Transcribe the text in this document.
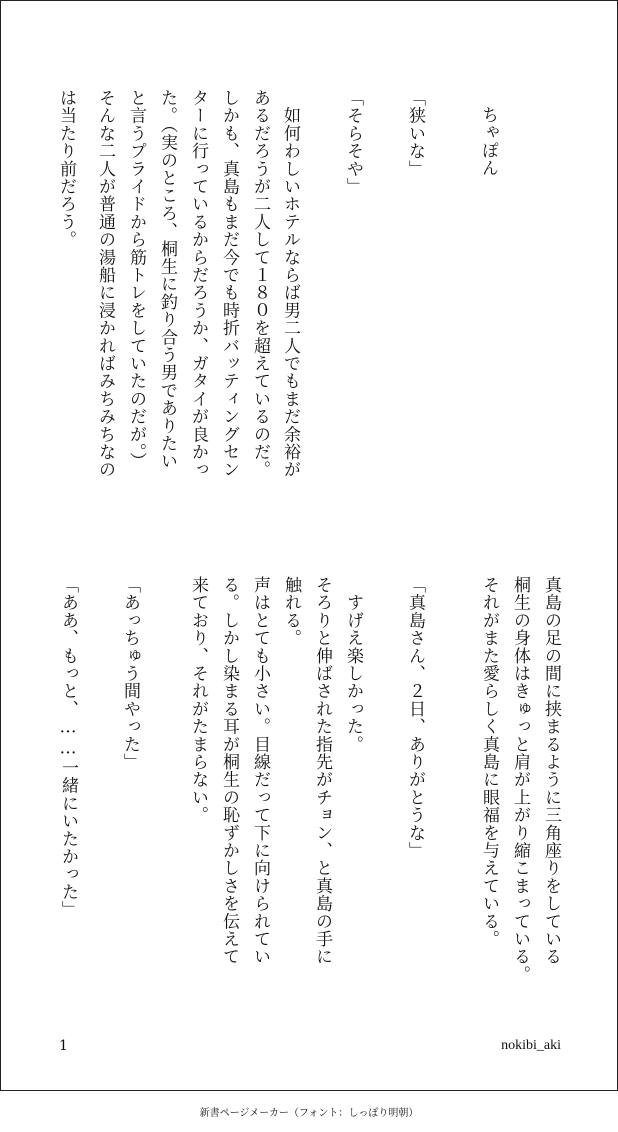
ちゃぽん
「狭いな」
「そらそや」
　如何わしいホテルならば男二人でもまだ余裕が
あるだろうが二人して１８０を超えているのだ。
しかも、真島もまだ今でも時折バッティングセン
ターに行っているからだろうか、ガタイが良かっ
た。（実のところ、桐生に釣り合う男でありたい
と言うプライドから筋トレをしていたのだが。）
そんな二人が普通の湯船に浸かればみちみちなの
は当たり前だろう。
真島の足の間に挟まるように三角座りをしている
桐生の身体はきゅっと肩が上がり縮こまっている。
それがまた愛らしく真島に眼福を与えている。
「真島さん、２日、ありがとうな」
　すげえ楽しかった。
そろりと伸ばされた指先がチョン、と真島の手に
触れる。
声はとても小さい。目線だって下に向けられてい
る。しかし染まる耳が桐生の恥ずかしさを伝えて
来ており、それがたまらない。
「あっちゅう間やった」
「ああ、もっと、……一緒にいたかった」
1	nokibi_aki
新書ページメーカー（フォント：しっぽり明朝）
